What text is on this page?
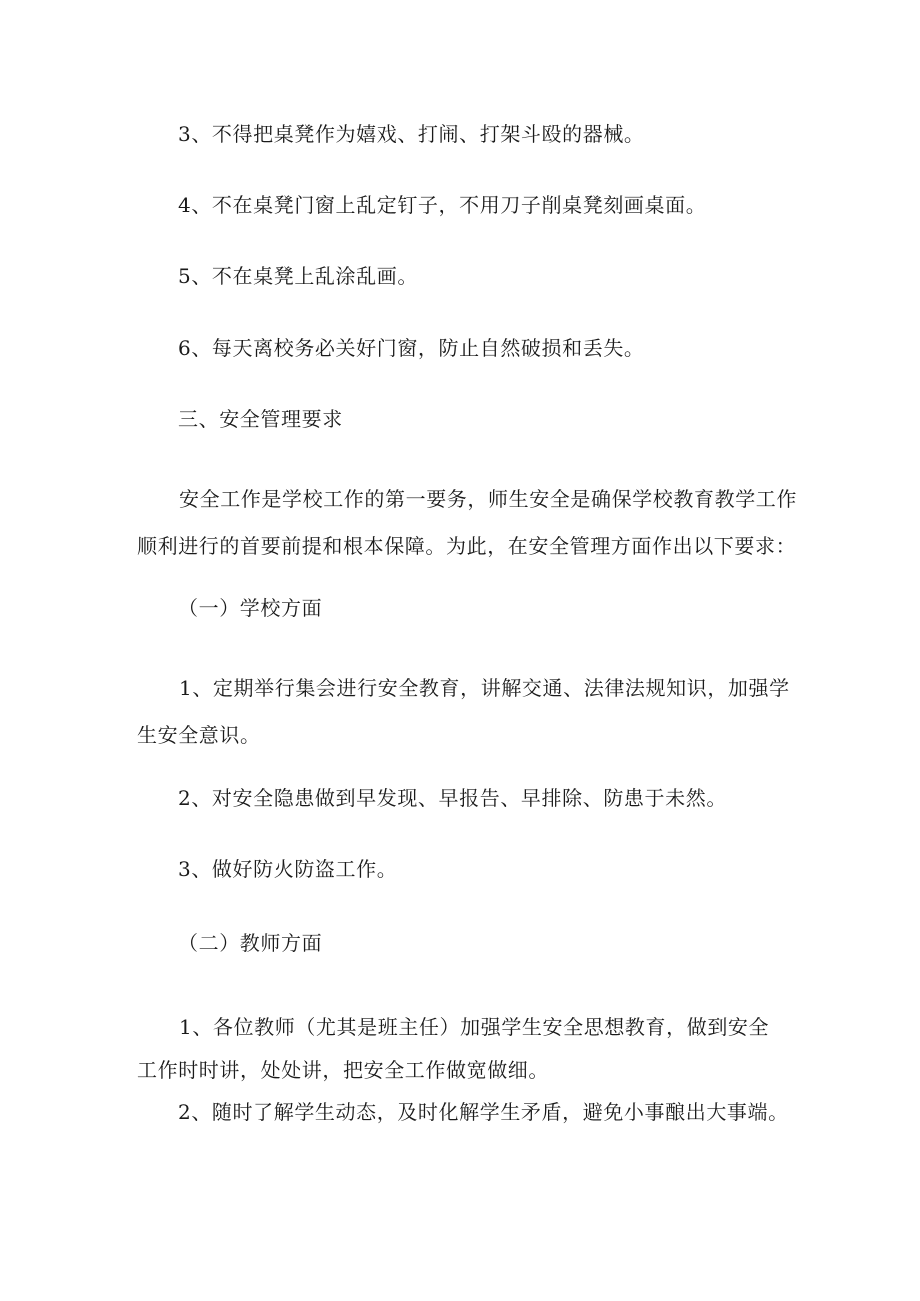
3、不得把桌凳作为嬉戏、打闹、打架斗殴的器械。
4、不在桌凳门窗上乱定钉子，不用刀子削桌凳刻画桌面。
5、不在桌凳上乱涂乱画。
6、每天离校务必关好门窗，防止自然破损和丢失。
三、安全管理要求
安全工作是学校工作的第一要务，师生安全是确保学校教育教学工作
顺利进行的首要前提和根本保障。为此，在安全管理方面作出以下要求：
（一）学校方面
1、定期举行集会进行安全教育，讲解交通、法律法规知识，加强学
生安全意识。
2、对安全隐患做到早发现、早报告、早排除、防患于未然。
3、做好防火防盗工作。
（二）教师方面
1、各位教师（尤其是班主任）加强学生安全思想教育，做到安全
工作时时讲，处处讲，把安全工作做宽做细。
2、随时了解学生动态，及时化解学生矛盾，避免小事酿出大事端。
